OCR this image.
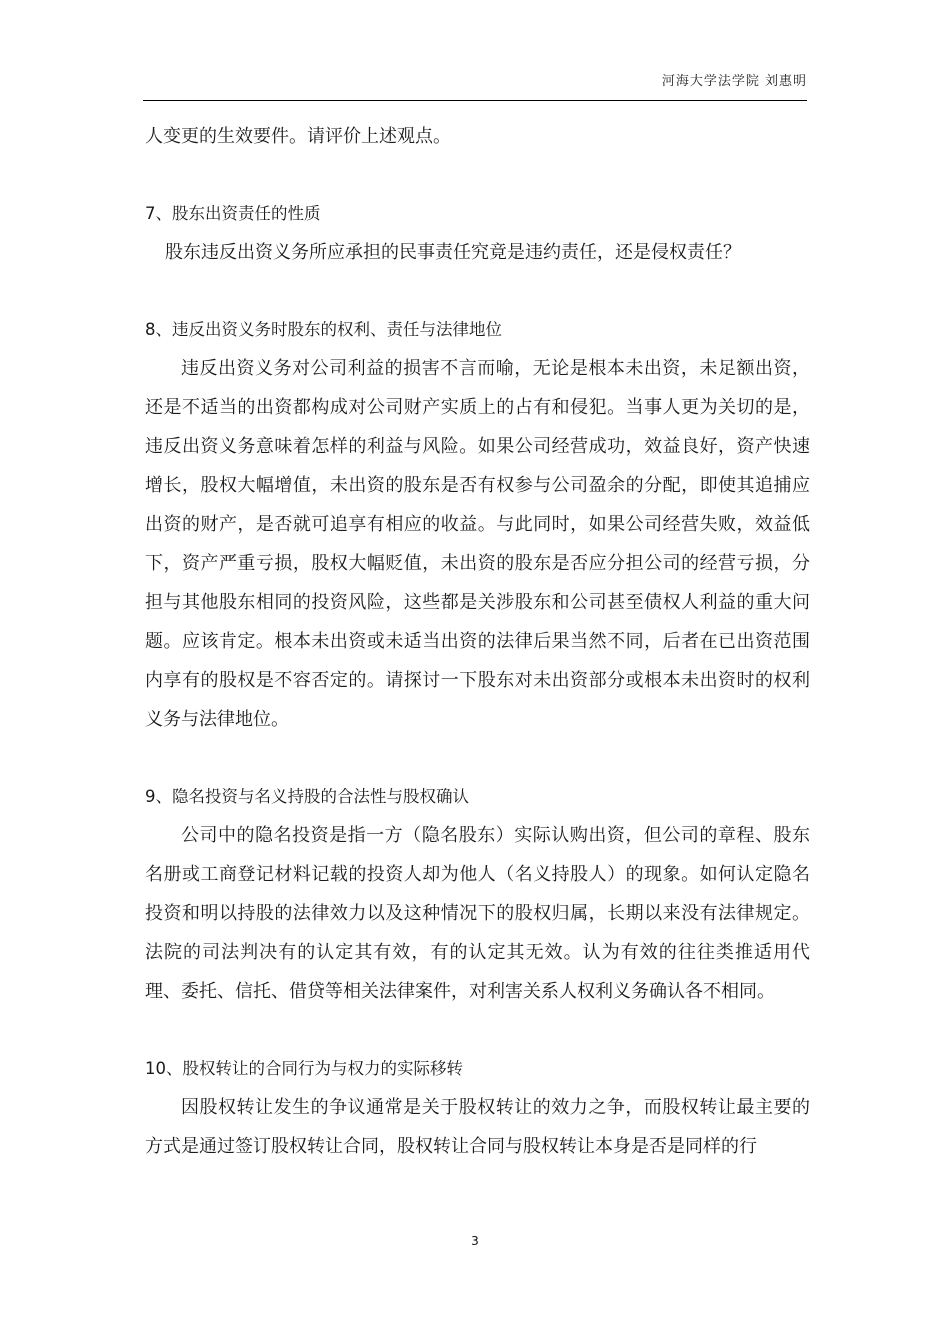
河海大学法学院 刘惠明

人变更的生效要件。请评价上述观点。

7、股东出资责任的性质

股东违反出资义务所应承担的民事责任究竟是违约责任，还是侵权责任？

8、违反出资义务时股东的权利、责任与法律地位

违反出资义务对公司利益的损害不言而喻，无论是根本未出资，未足额出资，还是不适当的出资都构成对公司财产实质上的占有和侵犯。当事人更为关切的是，违反出资义务意味着怎样的利益与风险。如果公司经营成功，效益良好，资产快速增长，股权大幅增值，未出资的股东是否有权参与公司盈余的分配，即使其追捕应出资的财产，是否就可追享有相应的收益。与此同时，如果公司经营失败，效益低下，资产严重亏损，股权大幅贬值，未出资的股东是否应分担公司的经营亏损，分担与其他股东相同的投资风险，这些都是关涉股东和公司甚至债权人利益的重大问题。应该肯定。根本未出资或未适当出资的法律后果当然不同，后者在已出资范围内享有的股权是不容否定的。请探讨一下股东对未出资部分或根本未出资时的权利义务与法律地位。

9、隐名投资与名义持股的合法性与股权确认

公司中的隐名投资是指一方（隐名股东）实际认购出资，但公司的章程、股东名册或工商登记材料记载的投资人却为他人（名义持股人）的现象。如何认定隐名投资和明以持股的法律效力以及这种情况下的股权归属，长期以来没有法律规定。法院的司法判决有的认定其有效，有的认定其无效。认为有效的往往类推适用代理、委托、信托、借贷等相关法律案件，对利害关系人权利义务确认各不相同。

10、股权转让的合同行为与权力的实际移转

因股权转让发生的争议通常是关于股权转让的效力之争，而股权转让最主要的方式是通过签订股权转让合同，股权转让合同与股权转让本身是否是同样的行

3
